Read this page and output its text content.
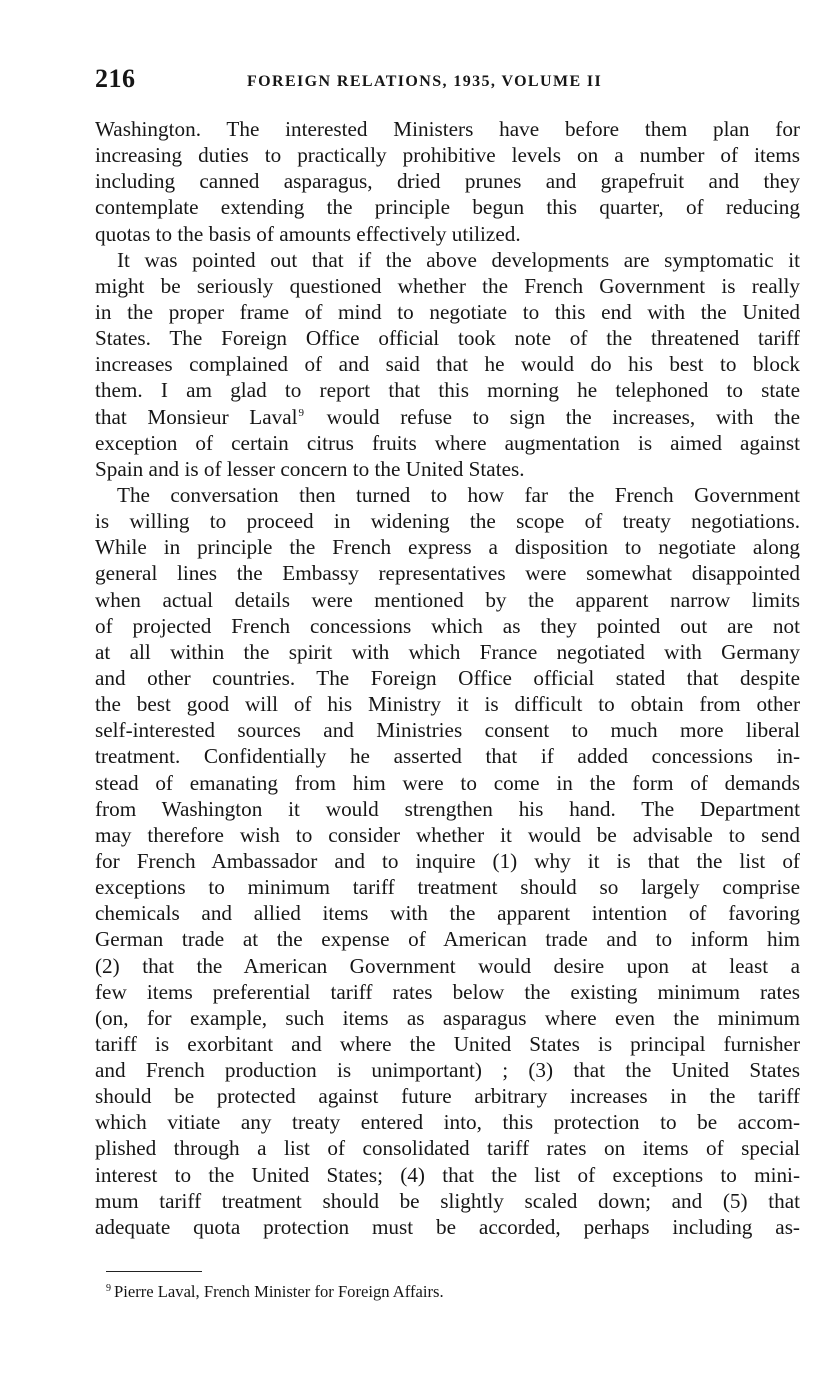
216	FOREIGN RELATIONS, 1935, VOLUME II
Washington. The interested Ministers have before them plan for
increasing duties to practically prohibitive levels on a number of items
including canned asparagus, dried prunes and grapefruit and they
contemplate extending the principle begun this quarter, of reducing
quotas to the basis of amounts effectively utilized.
It was pointed out that if the above developments are symptomatic it
might be seriously questioned whether the French Government is really
in the proper frame of mind to negotiate to this end with the United
States. The Foreign Office official took note of the threatened tariff
increases complained of and said that he would do his best to block
them. I am glad to report that this morning he telephoned to state
that Monsieur Laval$^9$ would refuse to sign the increases, with the
exception of certain citrus fruits where augmentation is aimed against
Spain and is of lesser concern to the United States.
The conversation then turned to how far the French Government
is willing to proceed in widening the scope of treaty negotiations.
While in principle the French express a disposition to negotiate along
general lines the Embassy representatives were somewhat disappointed
when actual details were mentioned by the apparent narrow limits
of projected French concessions which as they pointed out are not
at all within the spirit with which France negotiated with Germany
and other countries. The Foreign Office official stated that despite
the best good will of his Ministry it is difficult to obtain from other
self-interested sources and Ministries consent to much more liberal
treatment. Confidentially he asserted that if added concessions in-
stead of emanating from him were to come in the form of demands
from Washington it would strengthen his hand. The Department
may therefore wish to consider whether it would be advisable to send
for French Ambassador and to inquire (1) why it is that the list of
exceptions to minimum tariff treatment should so largely comprise
chemicals and allied items with the apparent intention of favoring
German trade at the expense of American trade and to inform him
(2) that the American Government would desire upon at least a
few items preferential tariff rates below the existing minimum rates
(on, for example, such items as asparagus where even the minimum
tariff is exorbitant and where the United States is principal furnisher
and French production is unimportant) ; (3) that the United States
should be protected against future arbitrary increases in the tariff
which vitiate any treaty entered into, this protection to be accom-
plished through a list of consolidated tariff rates on items of special
interest to the United States; (4) that the list of exceptions to mini-
mum tariff treatment should be slightly scaled down; and (5) that
adequate quota protection must be accorded, perhaps including as-
$^9$ Pierre Laval, French Minister for Foreign Affairs.
